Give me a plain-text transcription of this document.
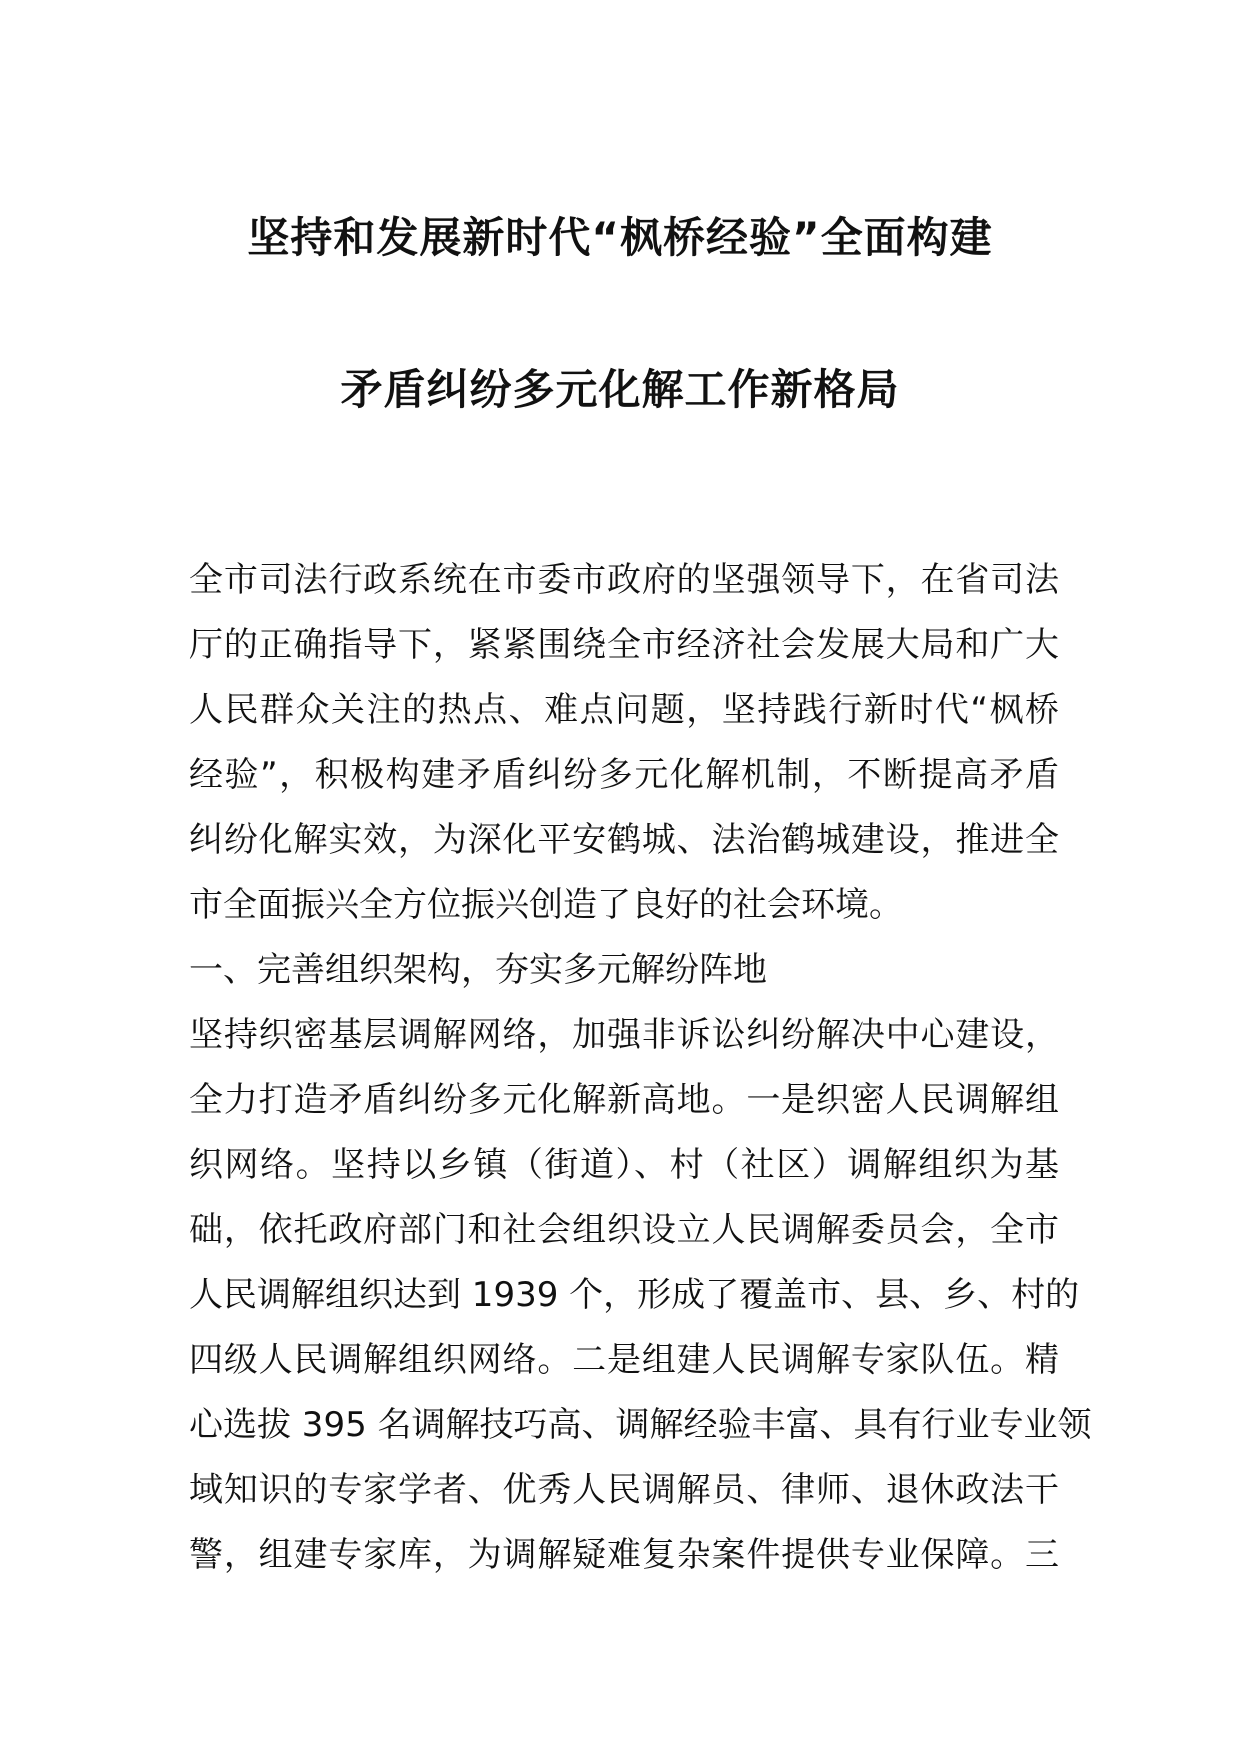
坚持和发展新时代“枫桥经验”全面构建
矛盾纠纷多元化解工作新格局
全市司法行政系统在市委市政府的坚强领导下，在省司法
厅的正确指导下，紧紧围绕全市经济社会发展大局和广大
人民群众关注的热点、难点问题，坚持践行新时代“枫桥
经验”，积极构建矛盾纠纷多元化解机制，不断提高矛盾
纠纷化解实效，为深化平安鹤城、法治鹤城建设，推进全
市全面振兴全方位振兴创造了良好的社会环境。
一、完善组织架构，夯实多元解纷阵地
坚持织密基层调解网络，加强非诉讼纠纷解决中心建设，
全力打造矛盾纠纷多元化解新高地。一是织密人民调解组
织网络。坚持以乡镇（街道）、村（社区）调解组织为基
础，依托政府部门和社会组织设立人民调解委员会，全市
人民调解组织达到 1939 个，形成了覆盖市、县、乡、村的
四级人民调解组织网络。二是组建人民调解专家队伍。精
心选拔 395 名调解技巧高、调解经验丰富、具有行业专业领
域知识的专家学者、优秀人民调解员、律师、退休政法干
警，组建专家库，为调解疑难复杂案件提供专业保障。三
